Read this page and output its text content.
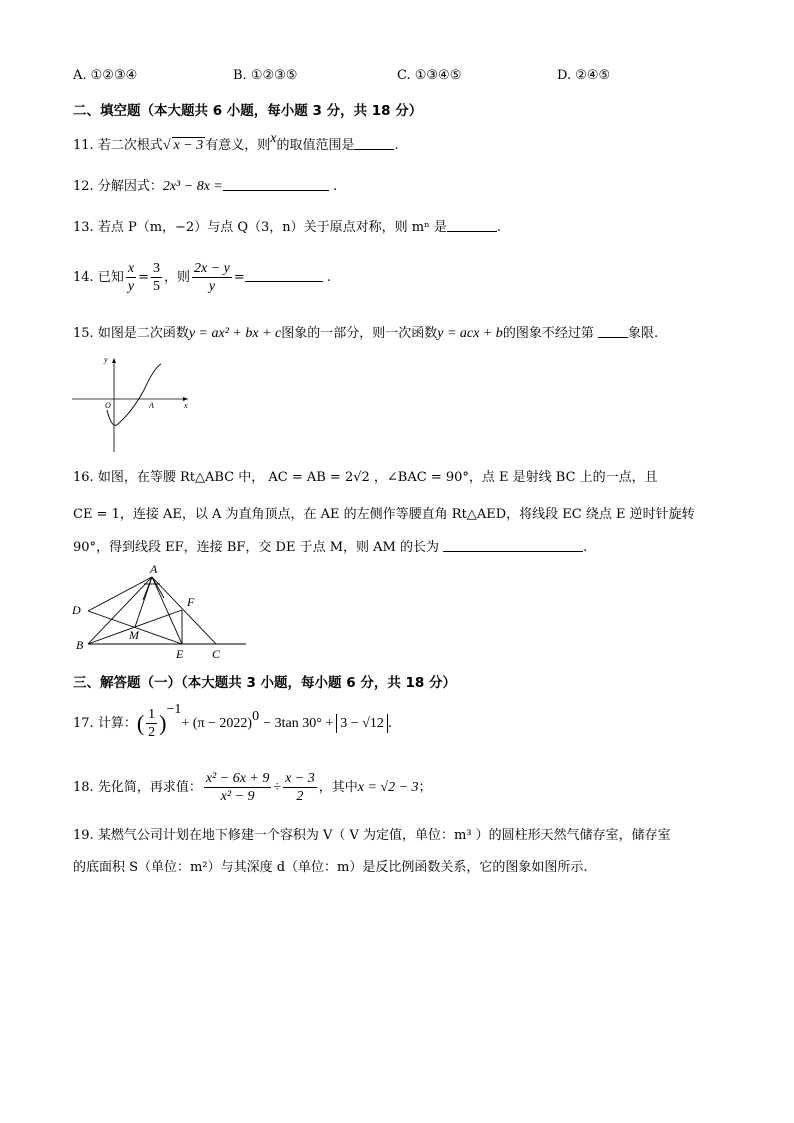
A. ①②③④	B. ①②③⑤	C. ①③④⑤	D. ②④⑤
二、填空题（本大题共 6 小题，每小题 3 分，共 18 分）
11. 若二次根式√ x − 3 有意义，则$^x$的取值范围是	.
12. 分解因式：2x³ − 8x =	.
13. 若点 P（m，−2）与点 Q（3，n）关于原点对称，则 mⁿ 是	.
14. 已知 $\frac{x}{y} = \frac{3}{5}$ ，则 $\frac{2x - y}{y}$ =	.
15. 如图是二次函数y = ax² + bx + c图象的一部分，则一次函数y = acx + b的图象不经过第	象限.
y
x
O	A
16. 如图，在等腰 Rt△ABC 中， AC = AB = 2√2 ，∠BAC = 90°，点 E 是射线 BC 上的一点，且
CE = 1，连接 AE，以 A 为直角顶点，在 AE 的左侧作等腰直角 Rt△AED，将线段 EC 绕点 E 逆时针旋转
90°，得到线段 EF，连接 BF，交 DE 于点 M，则 AM 的长为	.
A
D
F
B
M
E C
三、解答题（一）（本大题共 3 小题，每小题 6 分，共 18 分）
17. 计算：( $\frac{1}{2} )^{-1}+ (\pi - 2022)^0 - 3\tan$ 30° + 3 − √12 .
18. 先化简，再求值： $\frac{\text{x² − 6x + 9}}{\text{x² − 9}} \div \frac{x - 3}{2}$ ，其中x = √2 − 3；
19. 某燃气公司计划在地下修建一个容积为 V（ V 为定值，单位：m³ ）的圆柱形天然气储存室，储存室
的底面积 S（单位：m²）与其深度 d（单位：m）是反比例函数关系，它的图象如图所示.
